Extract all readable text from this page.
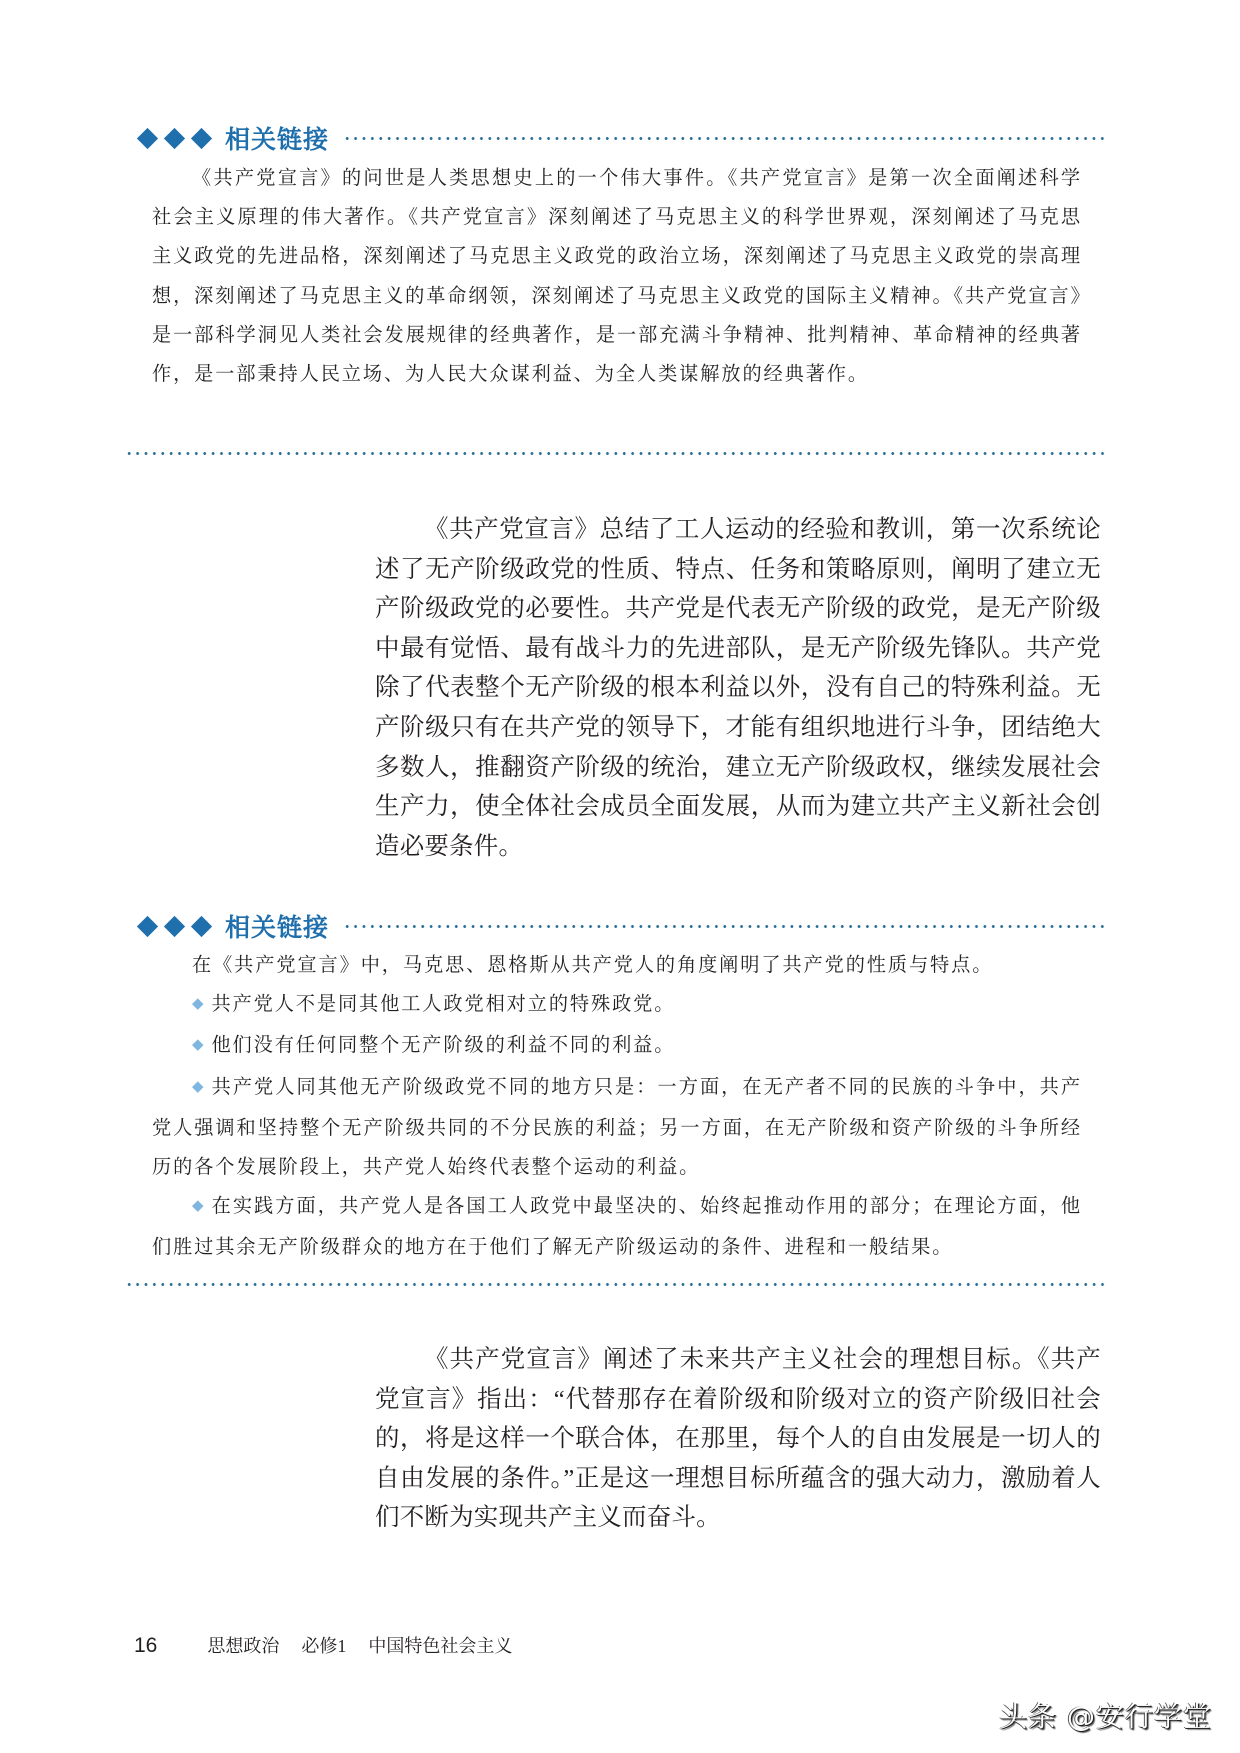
相关链接

《共产党宣言》的问世是人类思想史上的一个伟大事件。《共产党宣言》是第一次全面阐述科学社会主义原理的伟大著作。《共产党宣言》深刻阐述了马克思主义的科学世界观，深刻阐述了马克思主义政党的先进品格，深刻阐述了马克思主义政党的政治立场，深刻阐述了马克思主义政党的崇高理想，深刻阐述了马克思主义的革命纲领，深刻阐述了马克思主义政党的国际主义精神。《共产党宣言》是一部科学洞见人类社会发展规律的经典著作，是一部充满斗争精神、批判精神、革命精神的经典著作，是一部秉持人民立场、为人民大众谋利益、为全人类谋解放的经典著作。

《共产党宣言》总结了工人运动的经验和教训，第一次系统论述了无产阶级政党的性质、特点、任务和策略原则，阐明了建立无产阶级政党的必要性。共产党是代表无产阶级的政党，是无产阶级中最有觉悟、最有战斗力的先进部队，是无产阶级先锋队。共产党除了代表整个无产阶级的根本利益以外，没有自己的特殊利益。无产阶级只有在共产党的领导下，才能有组织地进行斗争，团结绝大多数人，推翻资产阶级的统治，建立无产阶级政权，继续发展社会生产力，使全体社会成员全面发展，从而为建立共产主义新社会创造必要条件。

相关链接

在《共产党宣言》中，马克思、恩格斯从共产党人的角度阐明了共产党的性质与特点。

◆ 共产党人不是同其他工人政党相对立的特殊政党。

◆ 他们没有任何同整个无产阶级的利益不同的利益。

◆ 共产党人同其他无产阶级政党不同的地方只是：一方面，在无产者不同的民族的斗争中，共产党人强调和坚持整个无产阶级共同的不分民族的利益；另一方面，在无产阶级和资产阶级的斗争所经历的各个发展阶段上，共产党人始终代表整个运动的利益。

◆ 在实践方面，共产党人是各国工人政党中最坚决的、始终起推动作用的部分；在理论方面，他们胜过其余无产阶级群众的地方在于他们了解无产阶级运动的条件、进程和一般结果。

《共产党宣言》阐述了未来共产主义社会的理想目标。《共产党宣言》指出：“代替那存在着阶级和阶级对立的资产阶级旧社会的，将是这样一个联合体，在那里，每个人的自由发展是一切人的自由发展的条件。”正是这一理想目标所蕴含的强大动力，激励着人们不断为实现共产主义而奋斗。

16	思想政治 必修1 中国特色社会主义
头条 @安行学堂
